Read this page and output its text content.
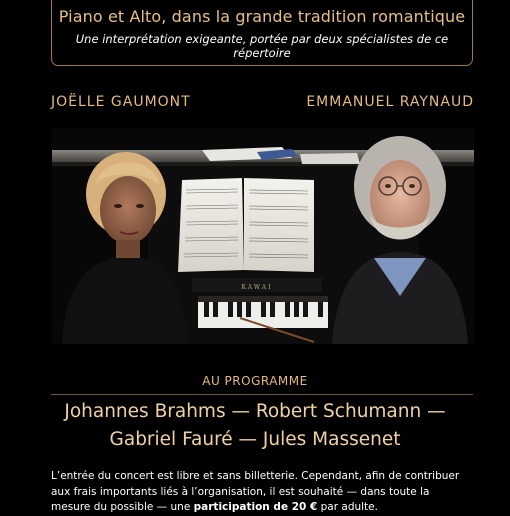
Piano et Alto, dans la grande tradition romantique
Une interprétation exigeante, portée par deux spécialistes de ce répertoire
JOËLLE GAUMONT	EMMANUEL RAYNAUD
KAWAI
AU PROGRAMME
Johannes Brahms — Robert Schumann —
Gabriel Fauré — Jules Massenet
L’entrée du concert est libre et sans billetterie. Cependant, afin de contribuer aux frais importants liés à l’organisation, il est souhaité — dans toute la mesure du possible — une participation de 20 € par adulte.
